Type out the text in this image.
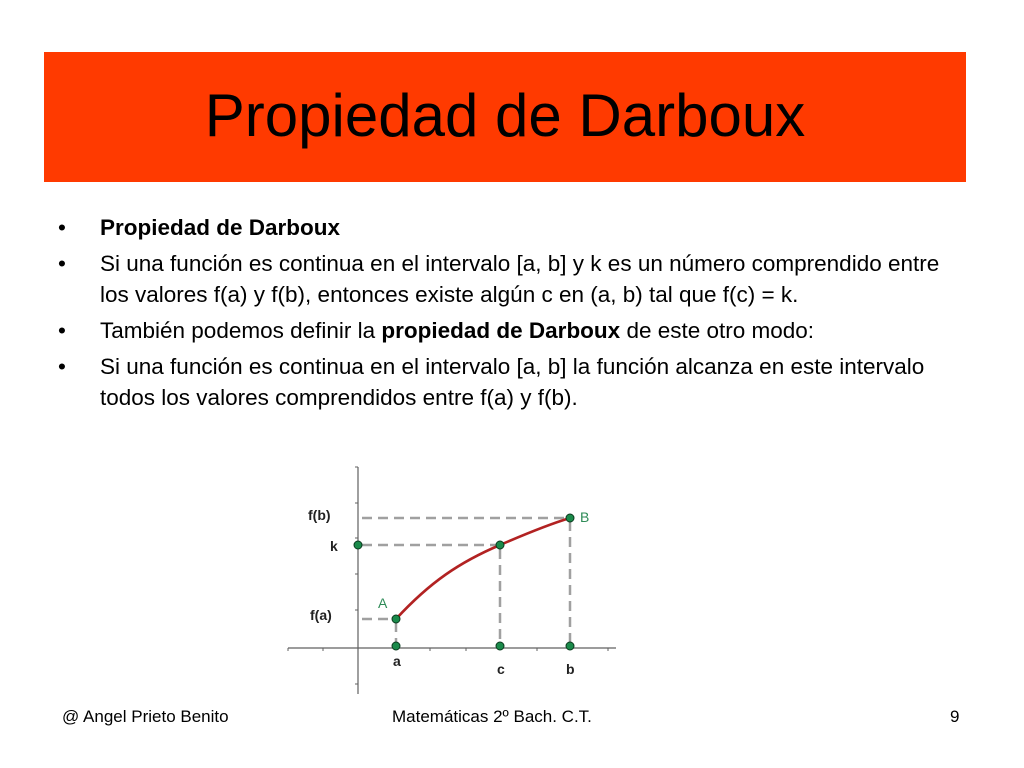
Propiedad de Darboux
•	Propiedad de Darboux
•	Si una función es continua en el intervalo [a, b] y k es un número comprendido entre los valores f(a) y f(b), entonces existe algún c en (a, b) tal que f(c) = k.
•	También podemos definir la propiedad de Darboux de este otro modo:
•	Si una función es continua en el intervalo [a, b] la función alcanza en este intervalo todos los valores comprendidos entre f(a) y f(b).
f(b)
k
f(a)
a	c	b
A
B
@ Angel Prieto Benito	Matemáticas 2º Bach. C.T.	9
